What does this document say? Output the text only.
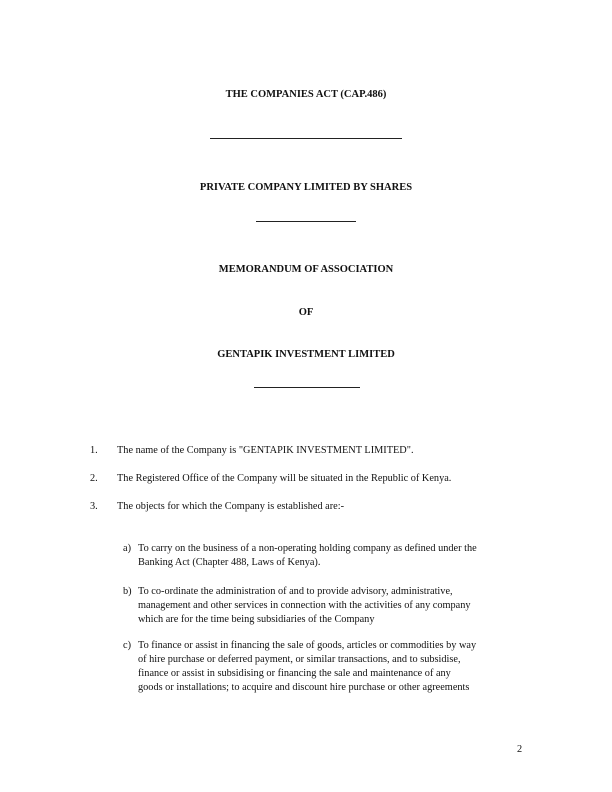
THE COMPANIES ACT (CAP.486)
PRIVATE COMPANY LIMITED BY SHARES
MEMORANDUM OF ASSOCIATION
OF
GENTAPIK INVESTMENT LIMITED
1. The name of the Company is "GENTAPIK INVESTMENT LIMITED".
2. The Registered Office of the Company will be situated in the Republic of Kenya.
3. The objects for which the Company is established are:-
a) To carry on the business of a non-operating holding company as defined under the
Banking Act (Chapter 488, Laws of Kenya).
b) To co-ordinate the administration of and to provide advisory, administrative,
management and other services in connection with the activities of any company
which are for the time being subsidiaries of the Company
c) To finance or assist in financing the sale of goods, articles or commodities by way
of hire purchase or deferred payment, or similar transactions, and to subsidise,
finance or assist in subsidising or financing the sale and maintenance of any
goods or installations; to acquire and discount hire purchase or other agreements
2
